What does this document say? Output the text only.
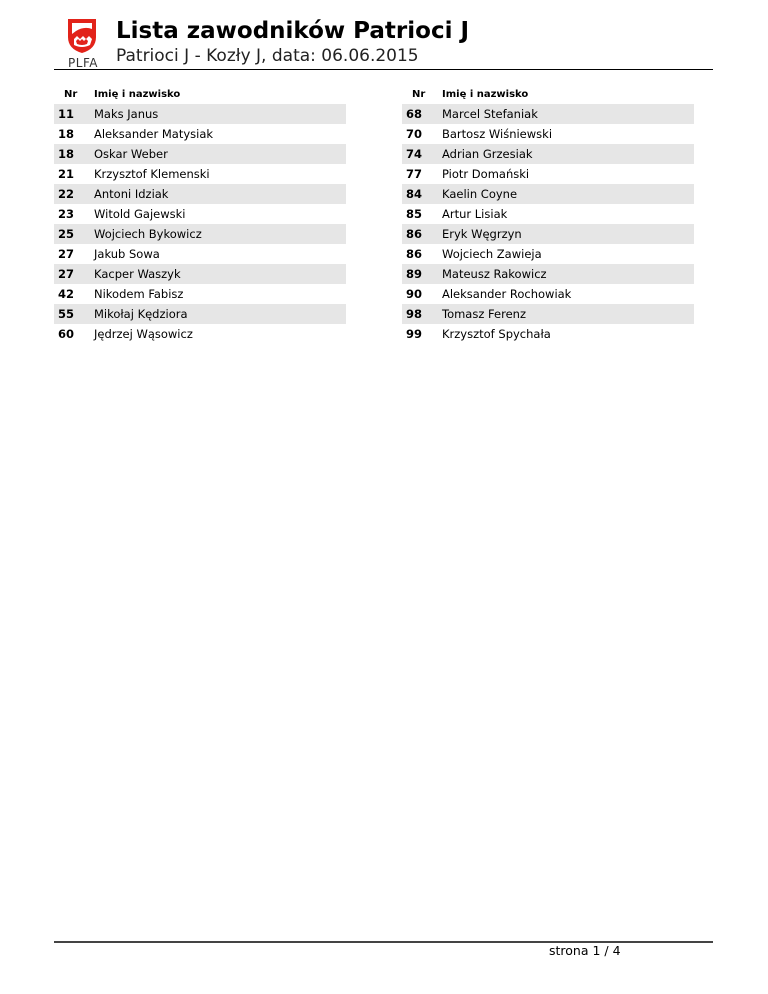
PLFA
Lista zawodników Patrioci J
Patrioci J - Kozły J, data: 06.06.2015
Nr	Imię i nazwisko
11	Maks Janus
18	Aleksander Matysiak
18	Oskar Weber
21	Krzysztof Klemenski
22	Antoni Idziak
23	Witold Gajewski
25	Wojciech Bykowicz
27	Jakub Sowa
27	Kacper Waszyk
42	Nikodem Fabisz
55	Mikołaj Kędziora
60	Jędrzej Wąsowicz
Nr	Imię i nazwisko
68	Marcel Stefaniak
70	Bartosz Wiśniewski
74	Adrian Grzesiak
77	Piotr Domański
84	Kaelin Coyne
85	Artur Lisiak
86	Eryk Węgrzyn
86	Wojciech Zawieja
89	Mateusz Rakowicz
90	Aleksander Rochowiak
98	Tomasz Ferenz
99	Krzysztof Spychała
strona 1 / 4
